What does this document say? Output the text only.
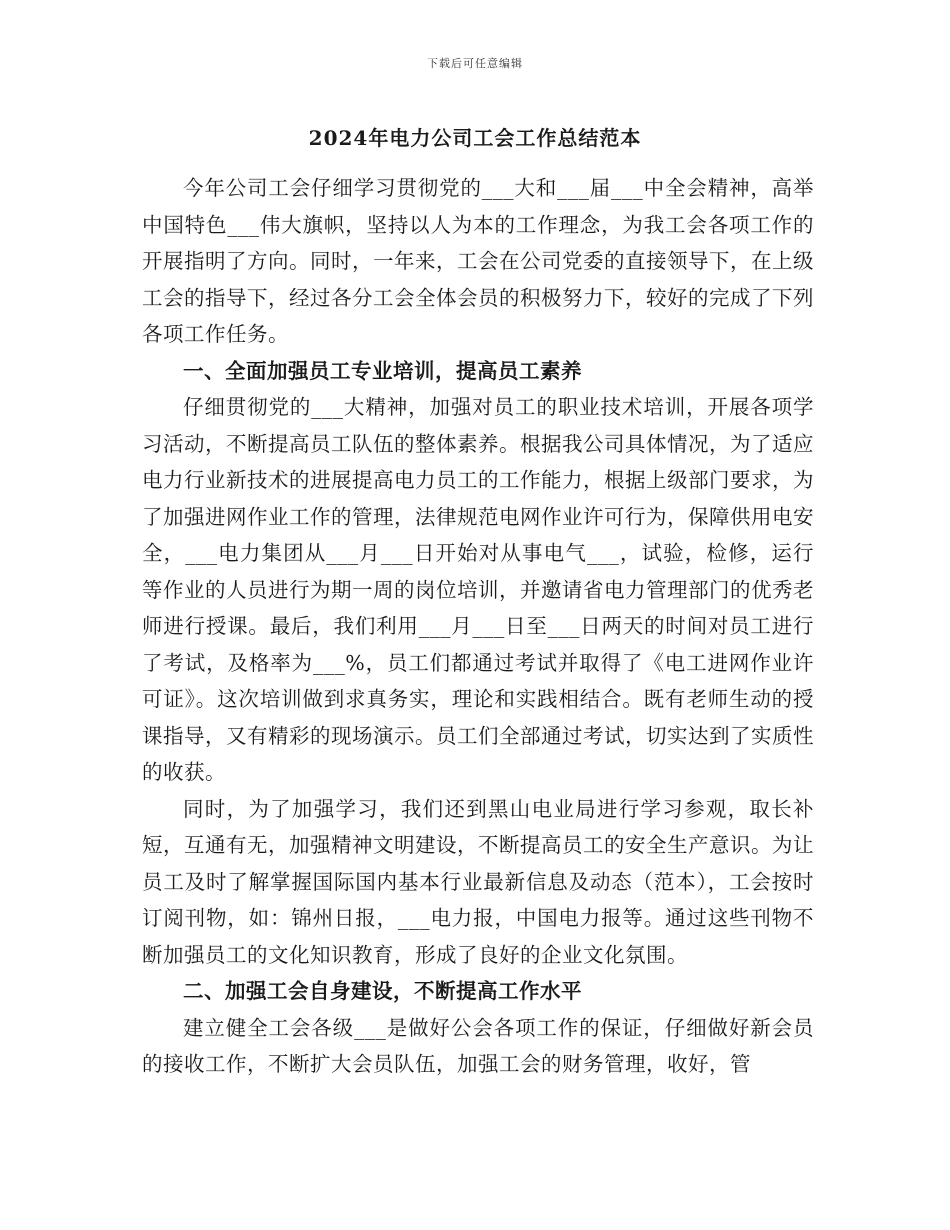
下载后可任意编辑
2024年电力公司工会工作总结范本

今年公司工会仔细学习贯彻党的___大和___届___中全会精神，高举中国特色___伟大旗帜，坚持以人为本的工作理念，为我工会各项工作的开展指明了方向。同时，一年来，工会在公司党委的直接领导下，在上级工会的指导下，经过各分工会全体会员的积极努力下，较好的完成了下列各项工作任务。

一、全面加强员工专业培训，提高员工素养

仔细贯彻党的___大精神，加强对员工的职业技术培训，开展各项学习活动，不断提高员工队伍的整体素养。根据我公司具体情况，为了适应电力行业新技术的进展提高电力员工的工作能力，根据上级部门要求，为了加强进网作业工作的管理，法律规范电网作业许可行为，保障供用电安全，___电力集团从___月___日开始对从事电气___，试验，检修，运行等作业的人员进行为期一周的岗位培训，并邀请省电力管理部门的优秀老师进行授课。最后，我们利用___月___日至___日两天的时间对员工进行了考试，及格率为___%，员工们都通过考试并取得了《电工进网作业许可证》。这次培训做到求真务实，理论和实践相结合。既有老师生动的授课指导，又有精彩的现场演示。员工们全部通过考试，切实达到了实质性的收获。

同时，为了加强学习，我们还到黑山电业局进行学习参观，取长补短，互通有无，加强精神文明建设，不断提高员工的安全生产意识。为让员工及时了解掌握国际国内基本行业最新信息及动态（范本），工会按时订阅刊物，如：锦州日报，___电力报，中国电力报等。通过这些刊物不断加强员工的文化知识教育，形成了良好的企业文化氛围。

二、加强工会自身建设，不断提高工作水平

建立健全工会各级___是做好公会各项工作的保证，仔细做好新会员的接收工作，不断扩大会员队伍，加强工会的财务管理，收好，管
